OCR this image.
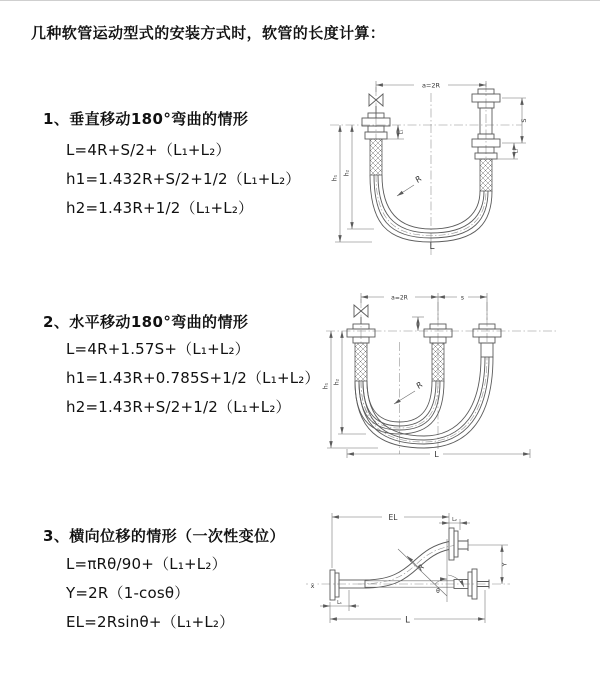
几种软管运动型式的安装方式时，软管的长度计算：
1、垂直移动180°弯曲的情形
L=4R+S/2+（L₁+L₂）
h1=1.432R+S/2+1/2（L₁+L₂）
h2=1.43R+1/2（L₁+L₂）
2、水平移动180°弯曲的情形
L=4R+1.57S+（L₁+L₂）
h1=1.43R+0.785S+1/2（L₁+L₂）
h2=1.43R+S/2+1/2（L₁+L₂）
3、横向位移的情形（一次性变位）
L=πRθ/90+（L₁+L₂）
Y=2R（1-cosθ）
EL=2Rsinθ+（L₁+L₂）
a=2R
S
L₂
L₁
h₁
h₂
R
L
a=2R	s
h₁
h₂	R
L
x̄
EL	L₂
Y
L₁
L
R
θ
